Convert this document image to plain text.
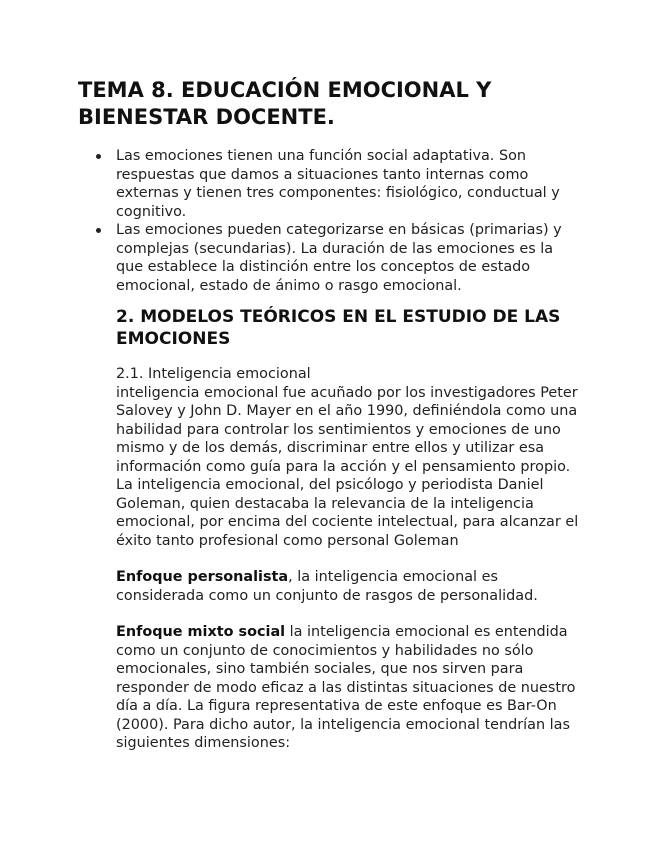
TEMA 8. EDUCACIÓN EMOCIONAL Y BIENESTAR DOCENTE.
Las emociones tienen una función social adaptativa. Son respuestas que damos a situaciones tanto internas como externas y tienen tres componentes: fisiológico, conductual y cognitivo.
Las emociones pueden categorizarse en básicas (primarias) y complejas (secundarias). La duración de las emociones es la que establece la distinción entre los conceptos de estado emocional, estado de ánimo o rasgo emocional.
2. MODELOS TEÓRICOS EN EL ESTUDIO DE LAS EMOCIONES

2.1. Inteligencia emocional

inteligencia emocional fue acuñado por los investigadores Peter Salovey y John D. Mayer en el año 1990, definiéndola como una habilidad para controlar los sentimientos y emociones de uno mismo y de los demás, discriminar entre ellos y utilizar esa información como guía para la acción y el pensamiento propio.

La inteligencia emocional, del psicólogo y periodista Daniel Goleman, quien destacaba la relevancia de la inteligencia emocional, por encima del cociente intelectual, para alcanzar el éxito tanto profesional como personal Goleman

Enfoque personalista, la inteligencia emocional es considerada como un conjunto de rasgos de personalidad.

Enfoque mixto social la inteligencia emocional es entendida como un conjunto de conocimientos y habilidades no sólo emocionales, sino también sociales, que nos sirven para responder de modo eficaz a las distintas situaciones de nuestro día a día. La figura representativa de este enfoque es Bar-On (2000). Para dicho autor, la inteligencia emocional tendrían las siguientes dimensiones:
